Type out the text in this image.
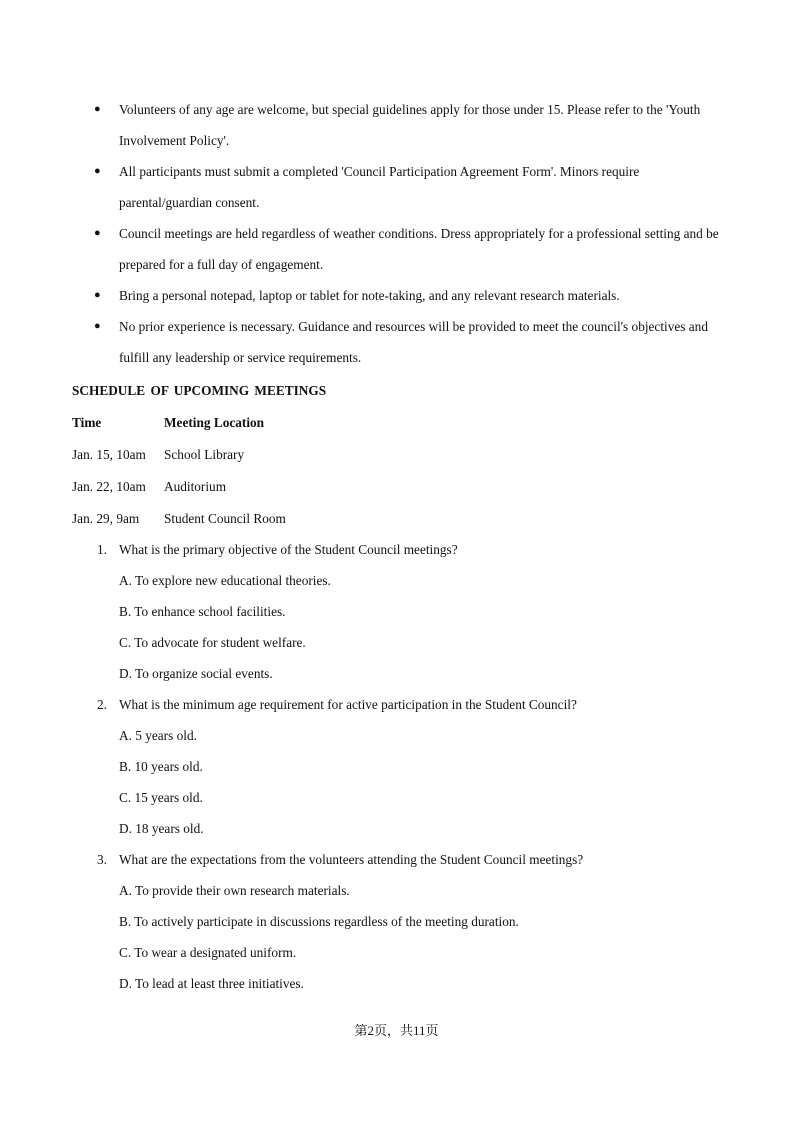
● Volunteers of any age are welcome, but special guidelines apply for those under 15. Please refer to the 'Youth Involvement Policy'.
● All participants must submit a completed 'Council Participation Agreement Form'. Minors require parental/guardian consent.
● Council meetings are held regardless of weather conditions. Dress appropriately for a professional setting and be prepared for a full day of engagement.
● Bring a personal notepad, laptop or tablet for note-taking, and any relevant research materials.
● No prior experience is necessary. Guidance and resources will be provided to meet the council's objectives and fulfill any leadership or service requirements.
SCHEDULE OF UPCOMING MEETINGS
Time	Meeting Location
Jan. 15, 10am	School Library
Jan. 22, 10am	Auditorium
Jan. 29, 9am	Student Council Room
1. What is the primary objective of the Student Council meetings?
A. To explore new educational theories.
B. To enhance school facilities.
C. To advocate for student welfare.
D. To organize social events.
2. What is the minimum age requirement for active participation in the Student Council?
A. 5 years old.
B. 10 years old.
C. 15 years old.
D. 18 years old.
3. What are the expectations from the volunteers attending the Student Council meetings?
A. To provide their own research materials.
B. To actively participate in discussions regardless of the meeting duration.
C. To wear a designated uniform.
D. To lead at least three initiatives.
第2页，共11页
